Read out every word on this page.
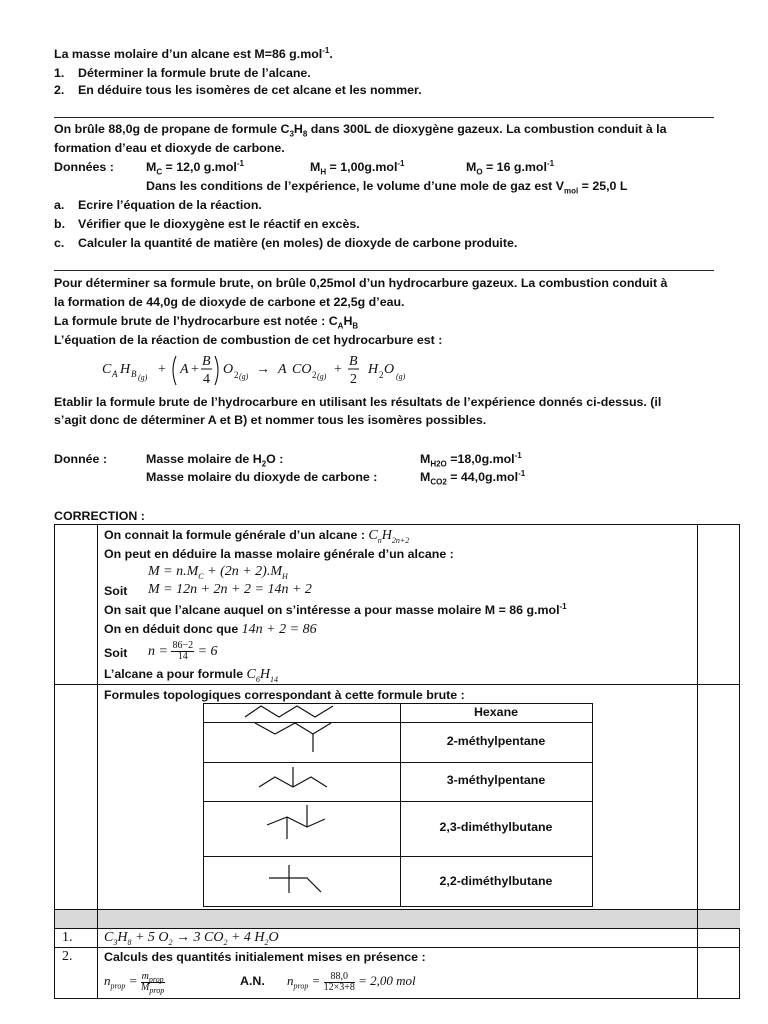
La masse molaire d’un alcane est M=86 g.mol$^{-1}$.
1. Déterminer la formule brute de l’alcane.
2. En déduire tous les isomères de cet alcane et les nommer.
On brûle 88,0g de propane de formule $C_3H_8$ dans 300L de dioxygène gazeux. La combustion conduit à la
formation d’eau et dioxyde de carbone.
Données :	$M_C = 12,0$ g.mol$^{-1}$	$M_H = 1,00g.mol^{-1}$	$M_O = 16$ g.mol$^{-1}$
Dans les conditions de l’expérience, le volume d’une mole de gaz est $V_{mol} = 25,0$ L
a. Ecrire l’équation de la réaction.
b. Vérifier que le dioxygène est le réactif en excès.
c. Calculer la quantité de matière (en moles) de dioxyde de carbone produite.
Pour déterminer sa formule brute, on brûle 0,25mol d’un hydrocarbure gazeux. La combustion conduit à
la formation de 44,0g de dioxyde de carbone et 22,5g d’eau.
La formule brute de l’hydrocarbure est notée : $C_AH_B$
L’équation de la réaction de combustion de cet hydrocarbure est :
C A H B (g)
+ A +
B
4
O 2 (g) → A CO 2 (g) +
B
2
H 2 O (g)
Etablir la formule brute de l’hydrocarbure en utilisant les résultats de l’expérience donnés ci-dessus. (il
s’agit donc de déterminer A et B) et nommer tous les isomères possibles.
Donnée :	Masse molaire de $H_2O$ :	$M_{H2O} =18,0g.mol^{-1}$
Masse molaire du dioxyde de carbone :	$M_{CO2} = 44,0g.mol^{-1}$
CORRECTION :
On connait la formule générale d’un alcane : $C_nH_{2n+2}$
On peut en déduire la masse molaire générale d’un alcane :
$M = n.M_C + (2n + 2).M_H$
Soit M = 12n + 2n + 2 = 14n + 2
On sait que l’alcane auquel on s’intéresse a pour masse molaire M = 86 g.mol$^{-1}$
On en déduit donc que 14n + 2 = 86
Soit $n = \frac{86-2}{14} = 6$
L’alcane a pour formule $C_6H_{14}$
Formules topologiques correspondant à cette formule brute :
Hexane
2-méthylpentane
3-méthylpentane
2,3-diméthylbutane
2,2-diméthylbutane
1. $C_3H_8 + 5$ $O_2 \to 3$ $CO_2 + 4$ $H_2O$
2.	Calculs des quantités initialement mises en présence :
$n_{prop} = \frac{m_{prop}}{M_{prop}}$	A.N. $n_{prop} = \frac{88,0}{12\times 3+8} = 2,00$ mol
